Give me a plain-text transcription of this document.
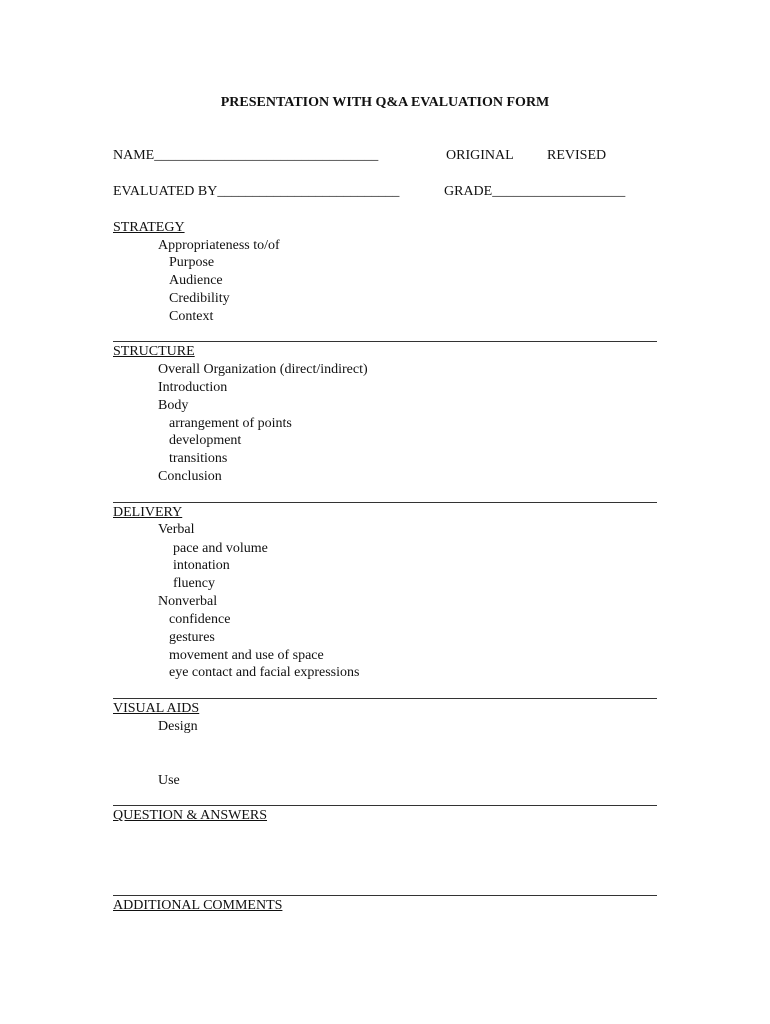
PRESENTATION WITH Q&A EVALUATION FORM
NAME________________________________	ORIGINAL REVISED
EVALUATED BY__________________________	GRADE___________________
STRATEGY
Appropriateness to/of
Purpose
Audience
Credibility
Context
STRUCTURE
Overall Organization (direct/indirect)
Introduction
Body
arrangement of points
development
transitions
Conclusion
DELIVERY
Verbal
pace and volume
intonation
fluency
Nonverbal
confidence
gestures
movement and use of space
eye contact and facial expressions
VISUAL AIDS
Design
Use
QUESTION & ANSWERS
ADDITIONAL COMMENTS
